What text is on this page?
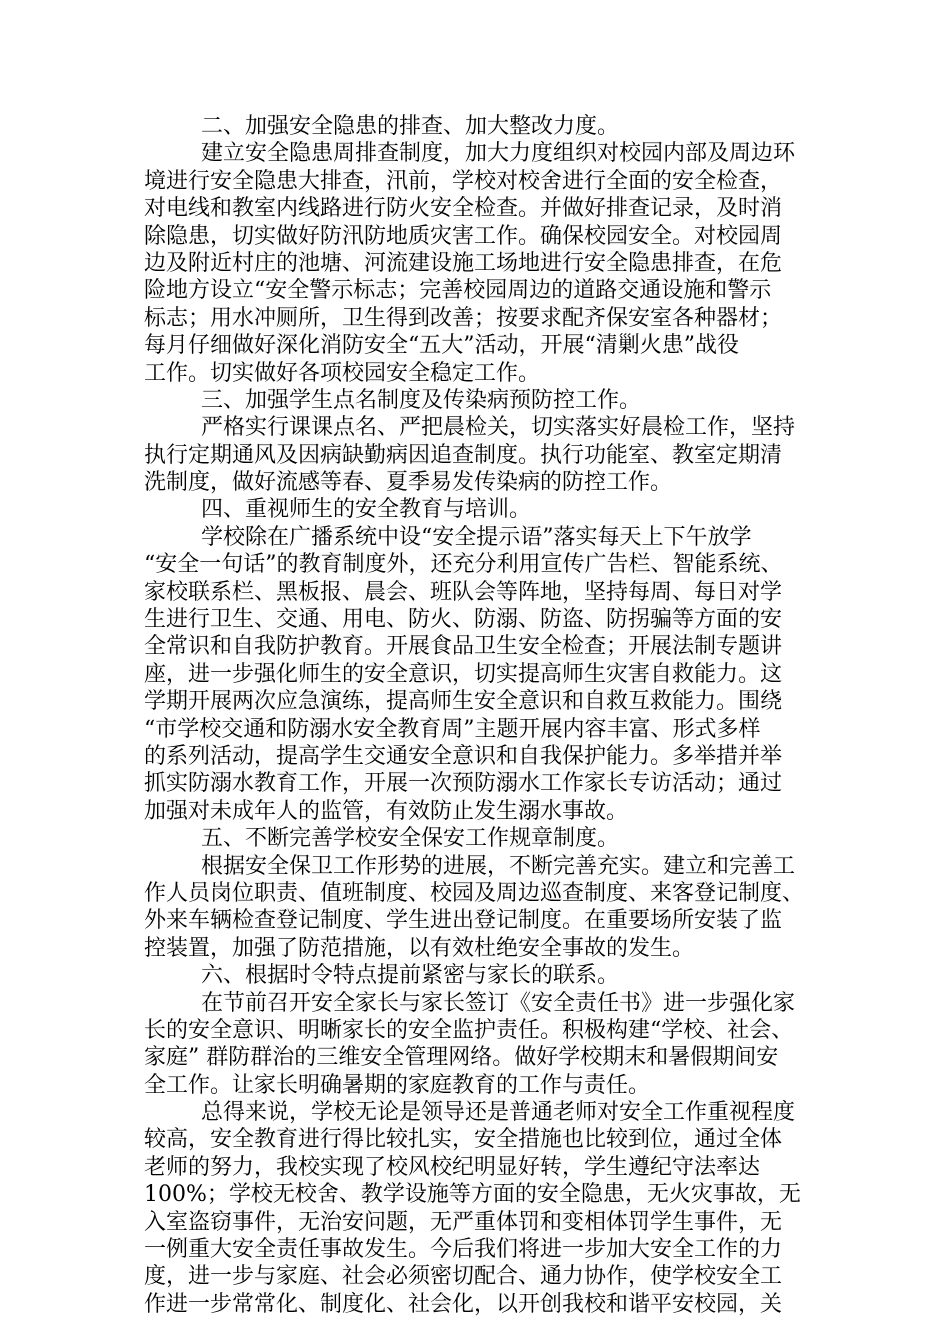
二、加强安全隐患的排查、加大整改力度。
建立安全隐患周排查制度，加大力度组织对校园内部及周边环
境进行安全隐患大排查，汛前，学校对校舍进行全面的安全检查，
对电线和教室内线路进行防火安全检查。并做好排查记录，及时消
除隐患，切实做好防汛防地质灾害工作。确保校园安全。对校园周
边及附近村庄的池塘、河流建设施工场地进行安全隐患排查，在危
险地方设立“安全警示标志；完善校园周边的道路交通设施和警示
标志；用水冲厕所，卫生得到改善；按要求配齐保安室各种器材；
每月仔细做好深化消防安全“五大”活动，开展“清剿火患”战役
工作。切实做好各项校园安全稳定工作。
三、加强学生点名制度及传染病预防控工作。
严格实行课课点名、严把晨检关，切实落实好晨检工作，坚持
执行定期通风及因病缺勤病因追查制度。执行功能室、教室定期清
洗制度，做好流感等春、夏季易发传染病的防控工作。
四、重视师生的安全教育与培训。
学校除在广播系统中设“安全提示语”落实每天上下午放学
“安全一句话”的教育制度外，还充分利用宣传广告栏、智能系统、
家校联系栏、黑板报、晨会、班队会等阵地，坚持每周、每日对学
生进行卫生、交通、用电、防火、防溺、防盗、防拐骗等方面的安
全常识和自我防护教育。开展食品卫生安全检查；开展法制专题讲
座，进一步强化师生的安全意识，切实提高师生灾害自救能力。这
学期开展两次应急演练，提高师生安全意识和自救互救能力。围绕
“市学校交通和防溺水安全教育周”主题开展内容丰富、形式多样
的系列活动，提高学生交通安全意识和自我保护能力。多举措并举
抓实防溺水教育工作，开展一次预防溺水工作家长专访活动；通过
加强对未成年人的监管，有效防止发生溺水事故。
五、不断完善学校安全保安工作规章制度。
根据安全保卫工作形势的进展，不断完善充实。建立和完善工
作人员岗位职责、值班制度、校园及周边巡查制度、来客登记制度、
外来车辆检查登记制度、学生进出登记制度。在重要场所安装了监
控装置，加强了防范措施，以有效杜绝安全事故的发生。
六、根据时令特点提前紧密与家长的联系。
在节前召开安全家长与家长签订《安全责任书》进一步强化家
长的安全意识、明晰家长的安全监护责任。积极构建“学校、社会、
家庭” 群防群治的三维安全管理网络。做好学校期末和暑假期间安
全工作。让家长明确暑期的家庭教育的工作与责任。
总得来说，学校无论是领导还是普通老师对安全工作重视程度
较高，安全教育进行得比较扎实，安全措施也比较到位，通过全体
老师的努力，我校实现了校风校纪明显好转，学生遵纪守法率达
100%；学校无校舍、教学设施等方面的安全隐患，无火灾事故，无
入室盗窃事件，无治安问题，无严重体罚和变相体罚学生事件，无
一例重大安全责任事故发生。今后我们将进一步加大安全工作的力
度，进一步与家庭、社会必须密切配合、通力协作，使学校安全工
作进一步常常化、制度化、社会化，以开创我校和谐平安校园，关
